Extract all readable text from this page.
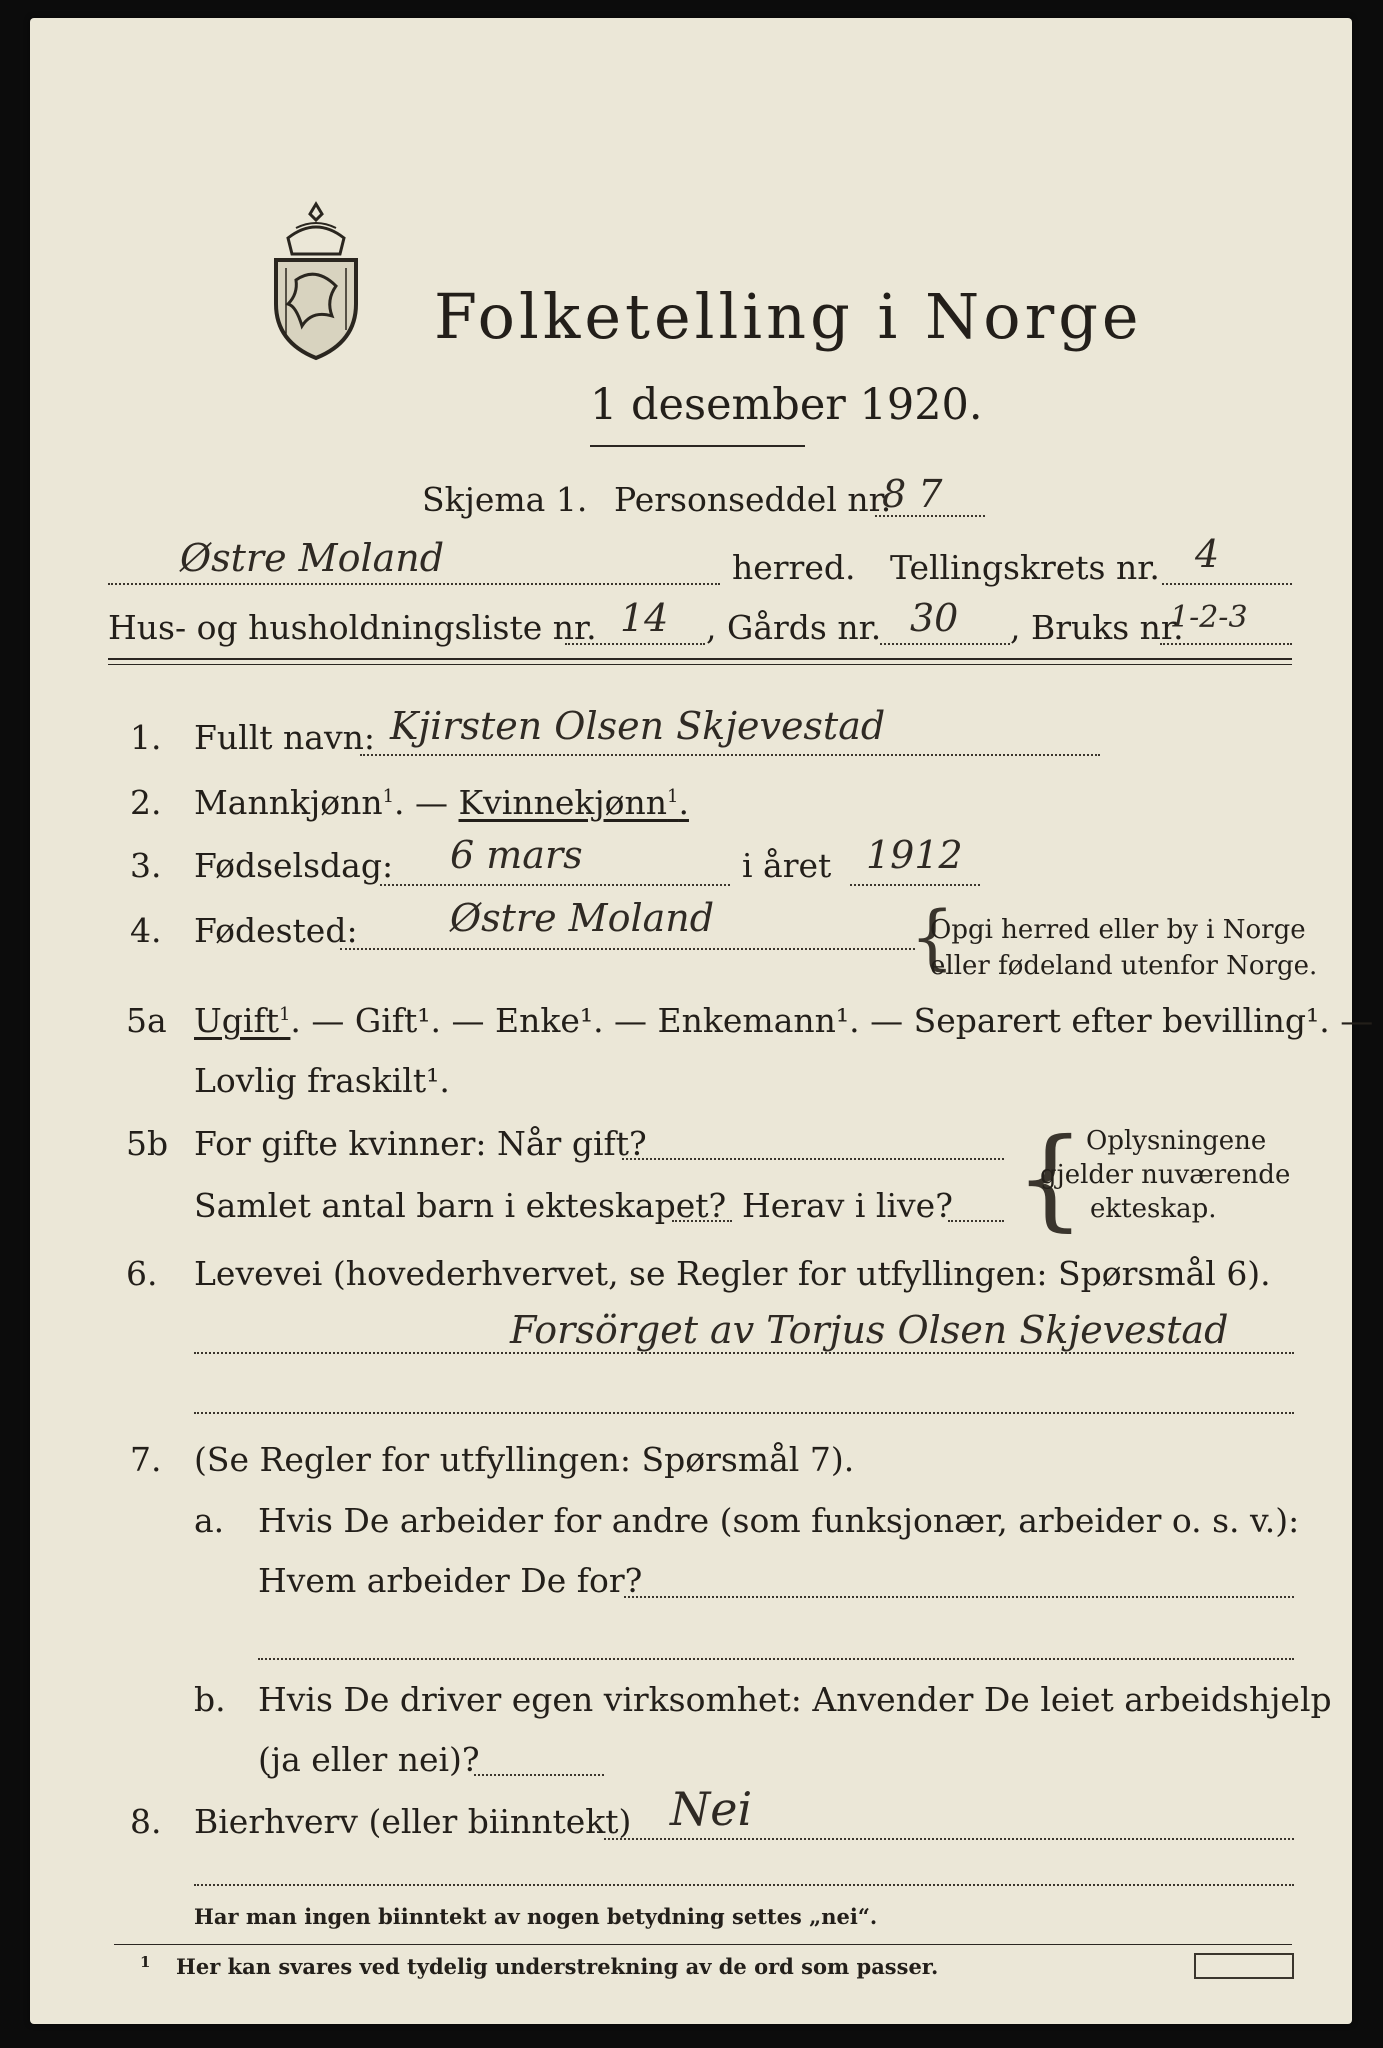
Folketelling i Norge
1 desember 1920.
Skjema 1. Personseddel nr.
8 7
Østre Moland	herred. Tellingskrets nr. 4
Hus- og husholdningsliste nr. 14 , Gårds nr. 30 , Bruks nr.
1-2-3
1. Fullt navn: Kjirsten Olsen Skjevestad
2. Mannkjønn$^1$. — Kvinnekjønn$^1$.
3. Fødselsdag: 6 mars	i året 1912
4. Fødested: Østre Moland	{
Opgi herred eller by i Norge
eller fødeland utenfor Norge.
5a Ugift$^1$. — Gift¹. — Enke¹. — Enkemann¹. — Separert efter bevilling¹. —
Lovlig fraskilt¹.
5b For gifte kvinner: Når gift?
Samlet antal barn i ekteskapet? Herav i live? { Oplysningene
gjelder nuværende
ekteskap.
6. Levevei (hovederhvervet, se Regler for utfyllingen: Spørsmål 6).
Forsörget av Torjus Olsen Skjevestad
7. (Se Regler for utfyllingen: Spørsmål 7).
a. Hvis De arbeider for andre (som funksjonær, arbeider o. s. v.):
Hvem arbeider De for?
b. Hvis De driver egen virksomhet: Anvender De leiet arbeidshjelp
(ja eller nei)?
8. Bierhverv (eller biinntekt) Nei
Har man ingen biinntekt av nogen betydning settes „nei“.
1 Her kan svares ved tydelig understrekning av de ord som passer.
